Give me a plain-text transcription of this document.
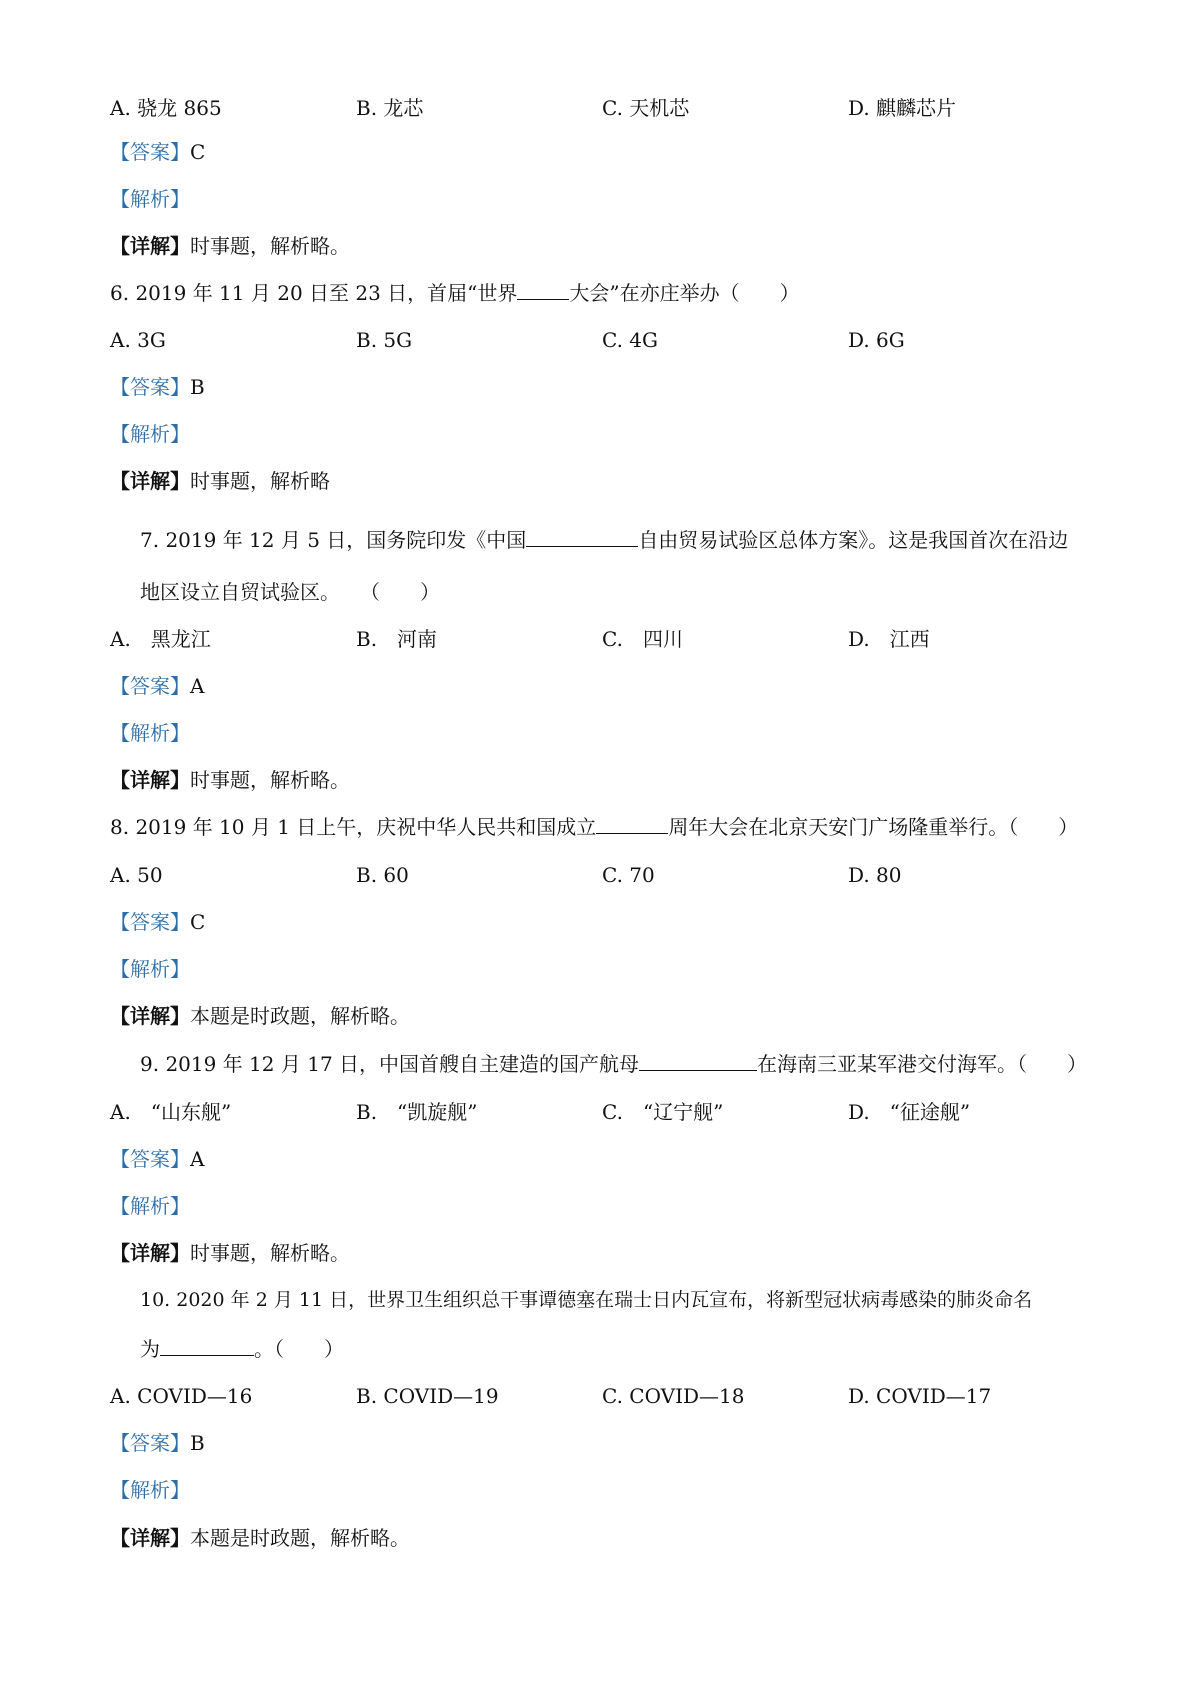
A. 骁龙 865	B. 龙芯	C. 天机芯	D. 麒麟芯片
【答案】C
【解析】
【详解】时事题，解析略。
6. 2019 年 11 月 20 日至 23 日，首届“世界	大会”在亦庄举办（　　）
A. 3G	B. 5G	C. 4G	D. 6G
【答案】B
【解析】
【详解】时事题，解析略
7. 2019 年 12 月 5 日，国务院印发《中国	自由贸易试验区总体方案》。这是我国首次在沿边
地区设立自贸试验区。　　（　　）
A.　黑龙江	B.　河南	C.　四川	D.　江西
【答案】A
【解析】
【详解】时事题，解析略。
8. 2019 年 10 月 1 日上午，庆祝中华人民共和国成立	周年大会在北京天安门广场隆重举行。（　　）
A. 50	B. 60	C. 70	D. 80
【答案】C
【解析】
【详解】本题是时政题，解析略。
9. 2019 年 12 月 17 日，中国首艘自主建造的国产航母	在海南三亚某军港交付海军。（　　）
A.　“山东舰”	B.　“凯旋舰”	C.　“辽宁舰”	D.　“征途舰”
【答案】A
【解析】
【详解】时事题，解析略。
10. 2020 年 2 月 11 日，世界卫生组织总干事谭德塞在瑞士日内瓦宣布，将新型冠状病毒感染的肺炎命名
为	。（　　）
A. COVID—16	B. COVID—19	C. COVID—18	D. COVID—17
【答案】B
【解析】
【详解】本题是时政题，解析略。
